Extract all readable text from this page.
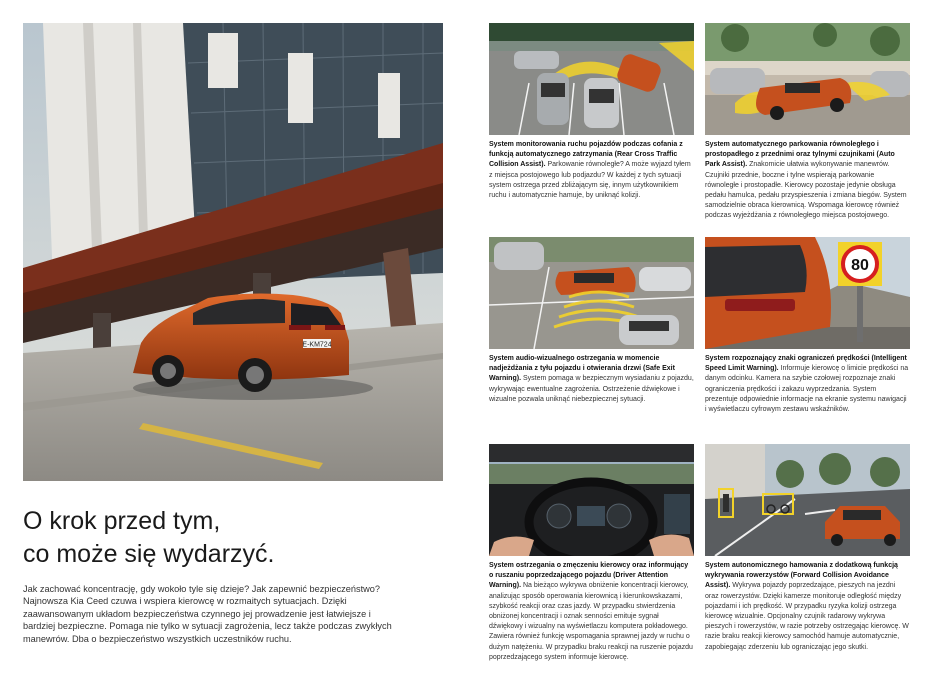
E-KM724
O krok przed tym,
co może się wydarzyć.

Jak zachować koncentrację, gdy wokoło tyle się dzieje? Jak zapewnić bezpieczeństwo? Najnowsza Kia Ceed czuwa i wspiera kierowcę w rozmaitych sytuacjach. Dzięki zaawansowanym układom bezpieczeństwa czynnego jej prowadzenie jest łatwiejsze i bardziej bezpieczne. Pomaga nie tylko w sytuacji zagrożenia, lecz także podczas zwykłych manewrów. Dba o bezpieczeństwo wszystkich uczestników ruchu.

System monitorowania ruchu pojazdów podczas cofania z funkcją automatycznego zatrzymania (Rear Cross Traffic Collision Assist). Parkowanie równoległe? A może wyjazd tyłem z miejsca postojowego lub podjazdu? W każdej z tych sytuacji system ostrzega przed zbliżającym się, innym użytkownikiem ruchu i automatycznie hamuje, by uniknąć kolizji.

System automatycznego parkowania równoległego i prostopadłego z przednimi oraz tylnymi czujnikami (Auto Park Assist). Znakomicie ułatwia wykonywanie manewrów. Czujniki przednie, boczne i tylne wspierają parkowanie równoległe i prostopadłe. Kierowcy pozostaje jedynie obsługa pedału hamulca, pedału przyspieszenia i zmiana biegów. System samodzielnie obraca kierownicą. Wspomaga kierowcę również podczas wyjeżdżania z równoległego miejsca postojowego.

System audio-wizualnego ostrzegania w momencie nadjeżdżania z tyłu pojazdu i otwierania drzwi (Safe Exit Warning). System pomaga w bezpiecznym wysiadaniu z pojazdu, wykrywając ewentualne zagrożenia. Ostrzeżenie dźwiękowe i wizualne pozwala uniknąć niebezpiecznej sytuacji.

80

System rozpoznający znaki ograniczeń prędkości (Intelligent Speed Limit Warning). Informuje kierowcę o limicie prędkości na danym odcinku. Kamera na szybie czołowej rozpoznaje znaki ograniczenia prędkości i zakazu wyprzedzania. System prezentuje odpowiednie informacje na ekranie systemu nawigacji i wyświetlaczu cyfrowym zestawu wskaźników.

System ostrzegania o zmęczeniu kierowcy oraz informujący o ruszaniu poprzedzającego pojazdu (Driver Attention Warning). Na bieżąco wykrywa obniżenie koncentracji kierowcy, analizując sposób operowania kierownicą i kierunkowskazami, szybkość reakcji oraz czas jazdy. W przypadku stwierdzenia obniżonej koncentracji i oznak senności emituje sygnał dźwiękowy i wizualny na wyświetlaczu komputera pokładowego. Zawiera również funkcję wspomagania sprawnej jazdy w ruchu o dużym natężeniu. W przypadku braku reakcji na ruszenie pojazdu poprzedzającego system informuje kierowcę.

System autonomicznego hamowania z dodatkową funkcją wykrywania rowerzystów (Forward Collision Avoidance Assist). Wykrywa pojazdy poprzedzające, pieszych na jezdni oraz rowerzystów. Dzięki kamerze monitoruje odległość między pojazdami i ich prędkość. W przypadku ryzyka kolizji ostrzega kierowcę wizualnie. Opcjonalny czujnik radarowy wykrywa pieszych i rowerzystów, w razie potrzeby ostrzegając kierowcę. W razie braku reakcji kierowcy samochód hamuje automatycznie, zapobiegając zderzeniu lub ograniczając jego skutki.
